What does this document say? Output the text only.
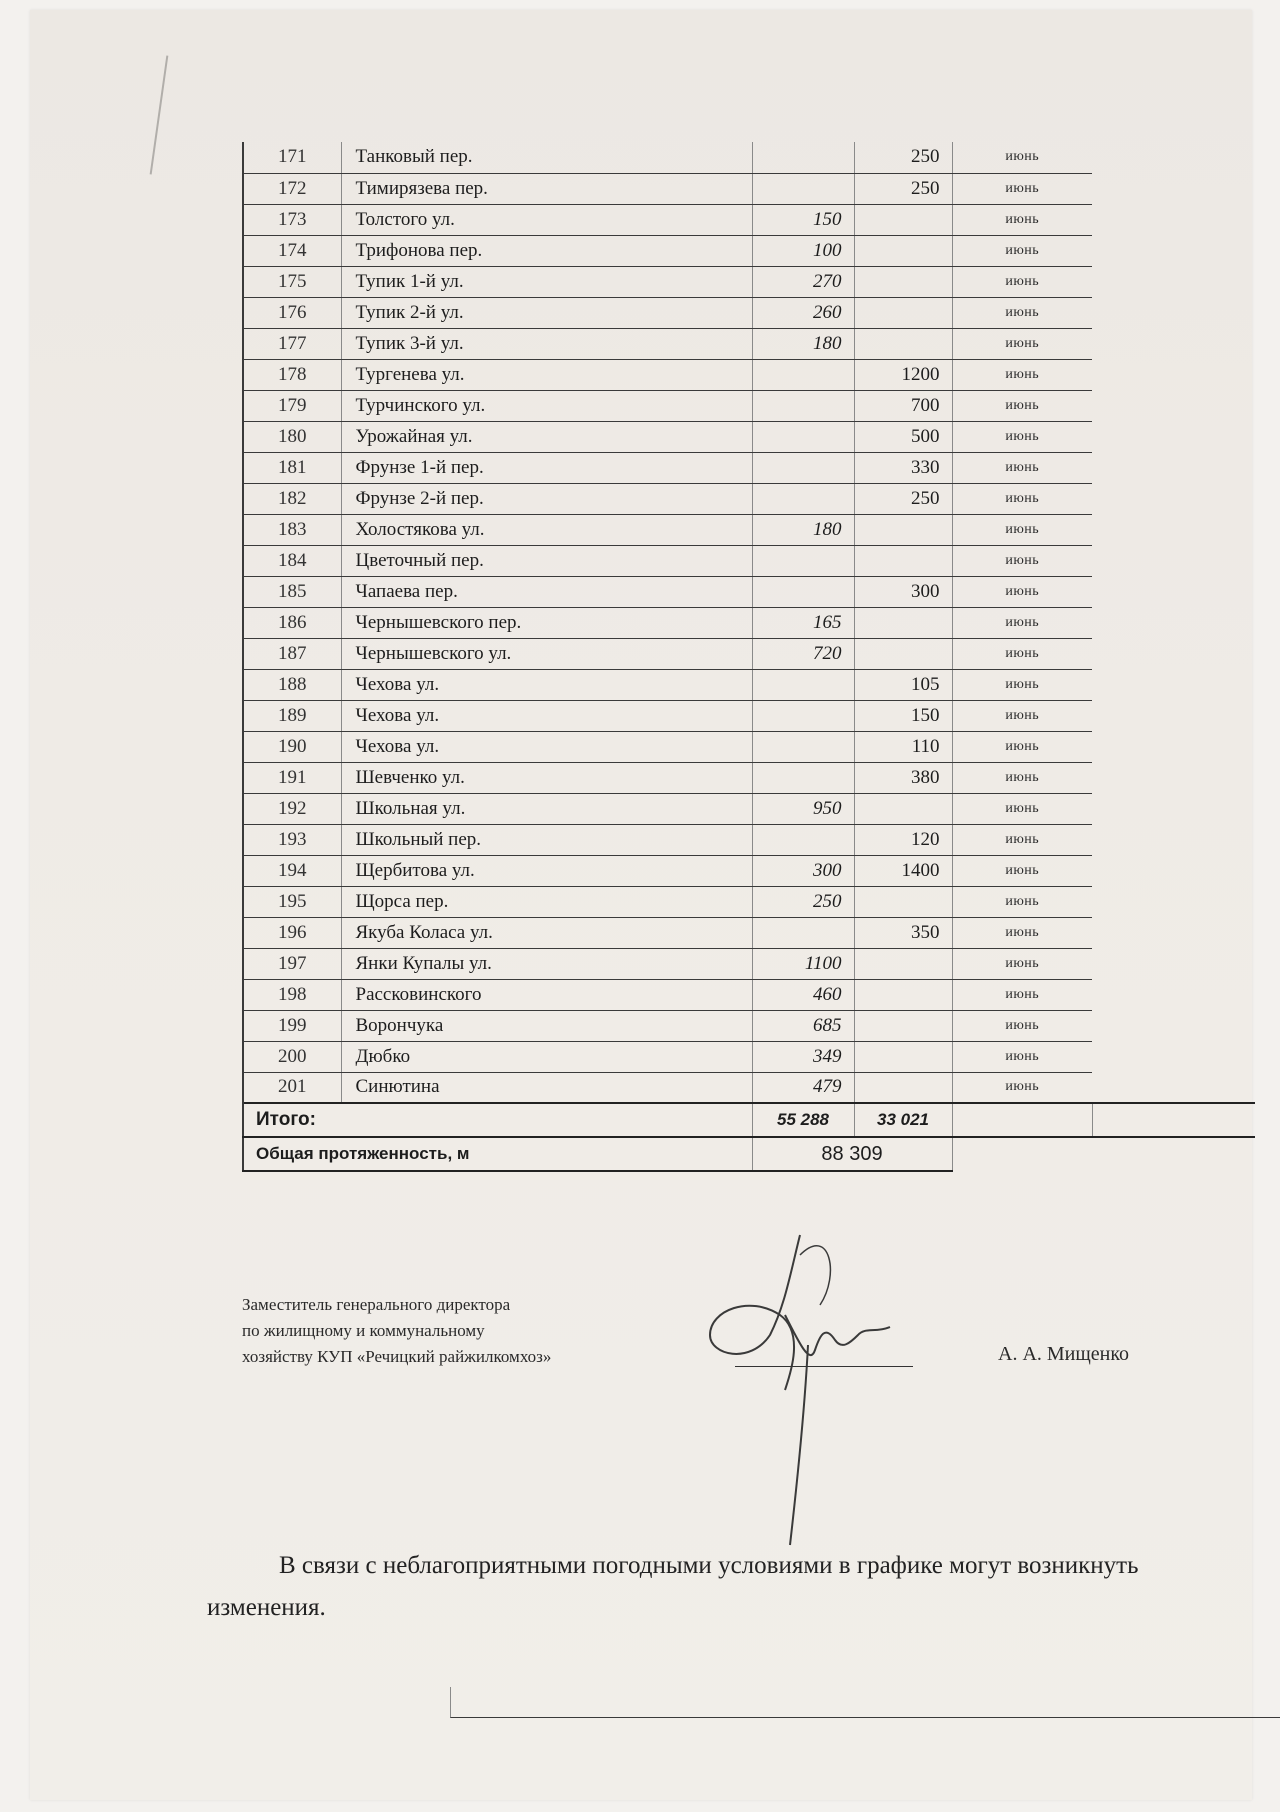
171	Танковый пер.		250	июнь	

172	Тимирязева пер.		250	июнь	

173	Толстого ул.	150		июнь	

174	Трифонова пер.	100		июнь	

175	Тупик 1-й ул.	270		июнь	

176	Тупик 2-й ул.	260		июнь	

177	Тупик 3-й ул.	180		июнь	

178	Тургенева ул.		1200	июнь	

179	Турчинского ул.		700	июнь	

180	Урожайная ул.		500	июнь	

181	Фрунзе 1-й пер.		330	июнь	

182	Фрунзе 2-й пер.		250	июнь	

183	Холостякова ул.	180		июнь	

184	Цветочный пер.			июнь	

185	Чапаева пер.		300	июнь	

186	Чернышевского пер.	165		июнь	

187	Чернышевского ул.	720		июнь	

188	Чехова ул.		105	июнь	

189	Чехова ул.		150	июнь	

190	Чехова ул.		110	июнь	

191	Шевченко ул.		380	июнь	

192	Школьная ул.	950		июнь	

193	Школьный пер.		120	июнь	

194	Щербитова ул.	300	1400	июнь	

195	Щорса пер.	250		июнь	

196	Якуба Коласа ул.		350	июнь	

197	Янки Купалы ул.	1100		июнь	

198	Рассковинского	460		июнь	

199	Ворончука	685		июнь	

200	Дюбко	349		июнь	

201	Синютина	479		июнь	

Итого:		55 288	33 021		
Общая протяженность, м		88 309			
Заместитель генерального директора
по жилищному и коммунальному
хозяйству КУП «Речицкий райжилкомхоз»	А. А. Мищенко
В связи с неблагоприятными погодными условиями в графике могут возникнуть изменения.
